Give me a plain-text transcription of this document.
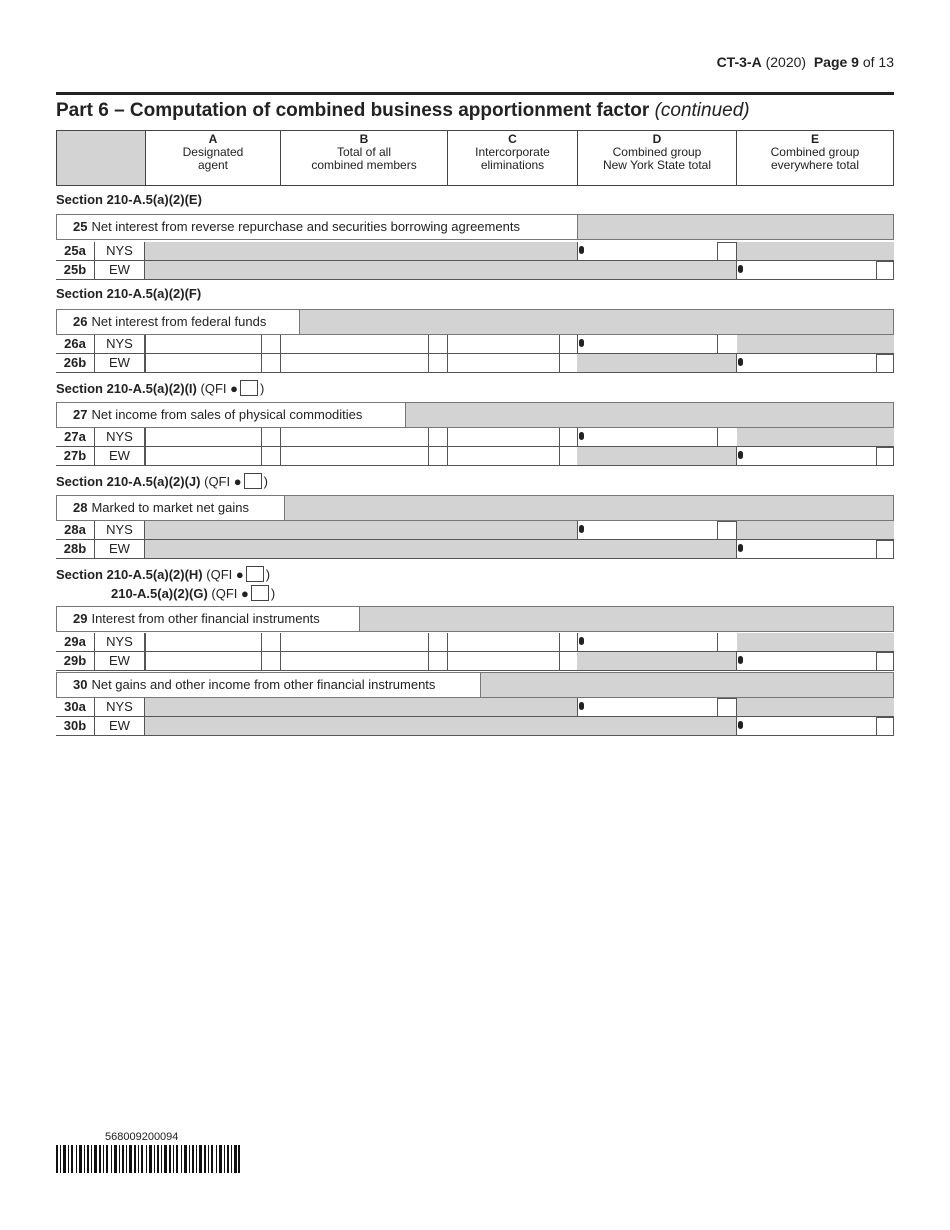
CT-3-A (2020) Page 9 of 13
Part 6 – Computation of combined business apportionment factor (continued)
A
Designated
agent
B
Total of all
combined members
C
Intercorporate
eliminations
D
Combined group
New York State total
E
Combined group
everywhere total
Section 210-A.5(a)(2)(E)
25 Net interest from reverse repurchase and securities borrowing agreements
25a	NYS
25b	EW
Section 210-A.5(a)(2)(F)
26 Net interest from federal funds
26a	NYS
26b	EW
Section 210-A.5(a)(2)(I) (QFI ● )
27 Net income from sales of physical commodities
27a	NYS
27b	EW
Section 210-A.5(a)(2)(J) (QFI ● )
28 Marked to market net gains
28a	NYS
28b	EW
Section 210-A.5(a)(2)(H) (QFI ● )
210-A.5(a)(2)(G) (QFI ● )
29 Interest from other financial instruments
29a	NYS
29b	EW
30 Net gains and other income from other financial instruments
30a	NYS
30b	EW
568009200094
